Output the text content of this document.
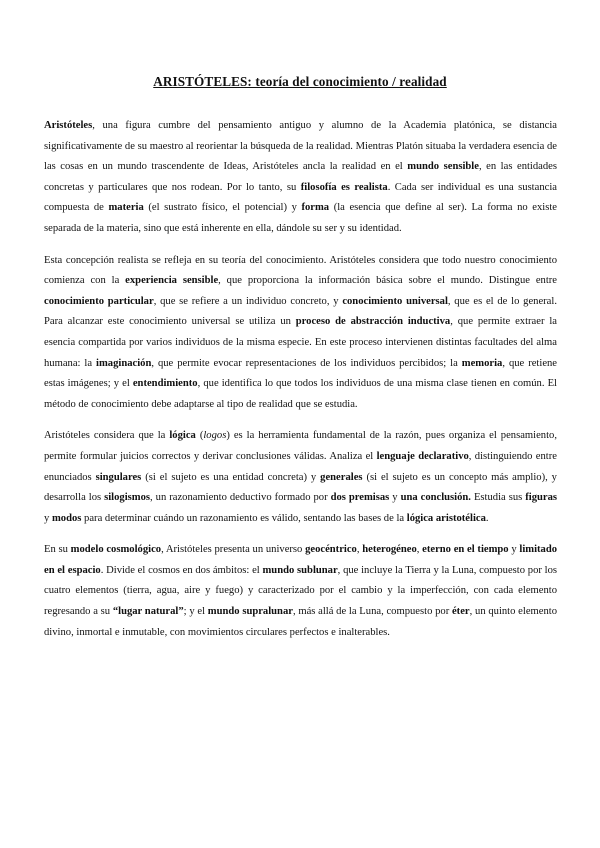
ARISTÓTELES: teoría del conocimiento / realidad

Aristóteles, una figura cumbre del pensamiento antiguo y alumno de la Academia platónica, se distancia significativamente de su maestro al reorientar la búsqueda de la realidad. Mientras Platón situaba la verdadera esencia de las cosas en un mundo trascendente de Ideas, Aristóteles ancla la realidad en el mundo sensible, en las entidades concretas y particulares que nos rodean. Por lo tanto, su filosofía es realista. Cada ser individual es una sustancia compuesta de materia (el sustrato físico, el potencial) y forma (la esencia que define al ser). La forma no existe separada de la materia, sino que está inherente en ella, dándole su ser y su identidad.

Esta concepción realista se refleja en su teoría del conocimiento. Aristóteles considera que todo nuestro conocimiento comienza con la experiencia sensible, que proporciona la información básica sobre el mundo. Distingue entre conocimiento particular, que se refiere a un individuo concreto, y conocimiento universal, que es el de lo general. Para alcanzar este conocimiento universal se utiliza un proceso de abstracción inductiva, que permite extraer la esencia compartida por varios individuos de la misma especie. En este proceso intervienen distintas facultades del alma humana: la imaginación, que permite evocar representaciones de los individuos percibidos; la memoria, que retiene estas imágenes; y el entendimiento, que identifica lo que todos los individuos de una misma clase tienen en común. El método de conocimiento debe adaptarse al tipo de realidad que se estudia.

Aristóteles considera que la lógica (logos) es la herramienta fundamental de la razón, pues organiza el pensamiento, permite formular juicios correctos y derivar conclusiones válidas. Analiza el lenguaje declarativo, distinguiendo entre enunciados singulares (si el sujeto es una entidad concreta) y generales (si el sujeto es un concepto más amplio), y desarrolla los silogismos, un razonamiento deductivo formado por dos premisas y una conclusión. Estudia sus figuras y modos para determinar cuándo un razonamiento es válido, sentando las bases de la lógica aristotélica.

En su modelo cosmológico, Aristóteles presenta un universo geocéntrico, heterogéneo, eterno en el tiempo y limitado en el espacio. Divide el cosmos en dos ámbitos: el mundo sublunar, que incluye la Tierra y la Luna, compuesto por los cuatro elementos (tierra, agua, aire y fuego) y caracterizado por el cambio y la imperfección, con cada elemento regresando a su “lugar natural”; y el mundo supralunar, más allá de la Luna, compuesto por éter, un quinto elemento divino, inmortal e inmutable, con movimientos circulares perfectos e inalterables.
